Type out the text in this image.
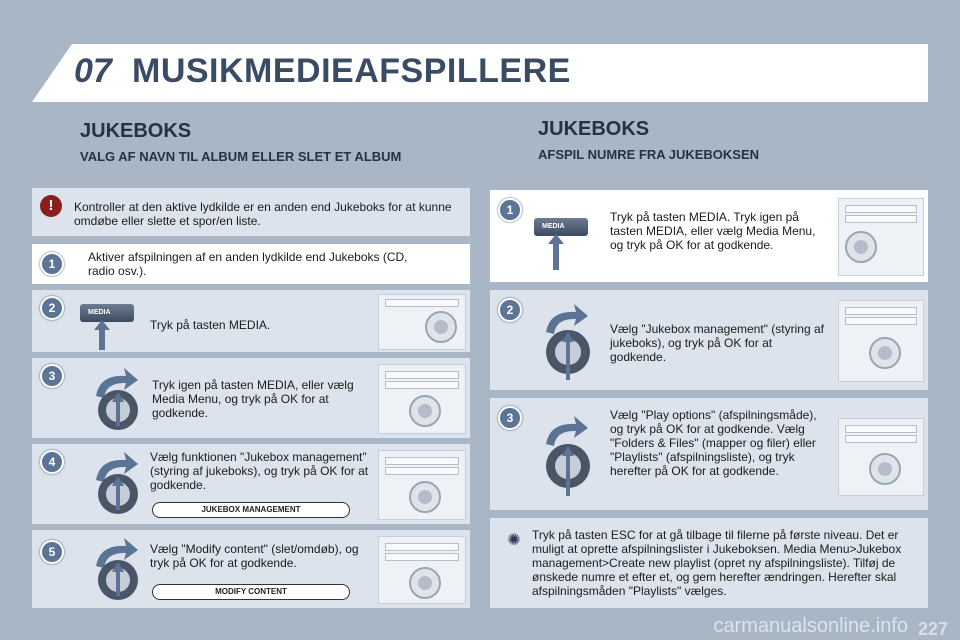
07 MUSIKMEDIEAFSPILLERE
JUKEBOKS
VALG AF NAVN TIL ALBUM ELLER SLET ET ALBUM
JUKEBOKS
AFSPIL NUMRE FRA JUKEBOKSEN
Kontroller at den aktive lydkilde er en anden end Jukeboks for at kunne omdøbe eller slette et spor/en liste.
!
1	Aktiver afspilningen af en anden lydkilde end Jukeboks (CD, radio osv.).
2	MEDIA
Tryk på tasten MEDIA.
3
Tryk igen på tasten MEDIA, eller vælg Media Menu, og tryk på OK for at godkende.
4	Vælg funktionen "Jukebox management" (styring af jukeboks), og tryk på OK for at godkende.
JUKEBOX MANAGEMENT
5	Vælg "Modify content" (slet/omdøb), og tryk på OK for at godkende.
MODIFY CONTENT
1
MEDIA
Tryk på tasten MEDIA. Tryk igen på tasten MEDIA, eller vælg Media Menu, og tryk på OK for at godkende.
2
Vælg "Jukebox management" (styring af jukeboks), og tryk på OK for at godkende.
3	Vælg "Play options" (afspilningsmåde), og tryk på OK for at godkende. Vælg "Folders & Files" (mapper og filer) eller "Playlists" (afspilningsliste), og tryk herefter på OK for at godkende.
Tryk på tasten ESC for at gå tilbage til filerne på første niveau. Det er muligt at oprette afspilningslister i Jukeboksen. Media Menu>Jukebox management>Create new playlist (opret ny afspilningsliste). Tilføj de ønskede numre et efter et, og gem herefter ændringen. Herefter skal afspilningsmåden "Playlists" vælges.
✺
carmanualsonline.info 227
